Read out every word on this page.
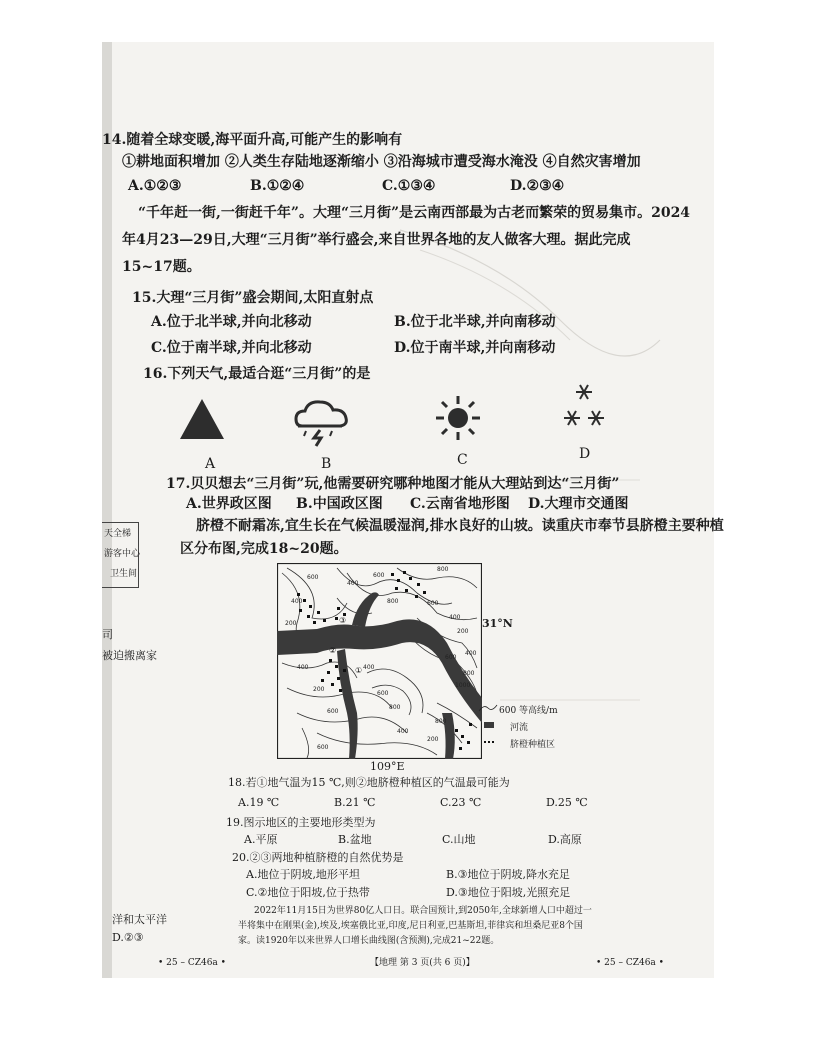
14.随着全球变暖,海平面升高,可能产生的影响有
①耕地面积增加 ②人类生存陆地逐渐缩小 ③沿海城市遭受海水淹没 ④自然灾害增加
A.①②③	B.①②④	C.①③④	D.②③④
“千年赶一街,一街赶千年”。大理“三月街”是云南西部最为古老而繁荣的贸易集市。2024
年4月23—29日,大理“三月街”举行盛会,来自世界各地的友人做客大理。据此完成
15~17题。
15.大理“三月街”盛会期间,太阳直射点
A.位于北半球,并向北移动	B.位于北半球,并向南移动
C.位于南半球,并向北移动	D.位于南半球,并向南移动
16.下列天气,最适合逛“三月街”的是
A	B	C	D
17.贝贝想去“三月街”玩,他需要研究哪种地图才能从大理站到达“三月街”
A.世界政区图 B.中国政区图 C.云南省地形图 D.大理市交通图
脐橙不耐霜冻,宜生长在气候温暖湿润,排水良好的山坡。读重庆市奉节县脐橙主要种植
区分布图,完成18~20题。
天全梯
游客中心
卫生间
司
被迫搬离家
洋和太平洋
D.②③
600
400
200
400
600
800
800
600
400
200
400
600
800
1000
400
200
400
600
800
600
200
400
600
800
①
②
③	31°N
109°E
600 等高线/m
河流
脐橙种植区
18.若①地气温为15 ℃,则②地脐橙种植区的气温最可能为
A.19 ℃	B.21 ℃	C.23 ℃	D.25 ℃
19.图示地区的主要地形类型为
A.平原	B.盆地	C.山地	D.高原
20.②③两地种植脐橙的自然优势是
A.地位于阴坡,地形平坦	B.③地位于阴坡,降水充足
C.②地位于阳坡,位于热带	D.③地位于阳坡,光照充足
2022年11月15日为世界80亿人口日。联合国预计,到2050年,全球新增人口中超过一
半将集中在刚果(金),埃及,埃塞俄比亚,印度,尼日利亚,巴基斯坦,菲律宾和坦桑尼亚8个国
家。读1920年以来世界人口增长曲线图(含预测),完成21~22题。
• 25 – CZ46a •	【地理 第 3 页(共 6 页)】	• 25 – CZ46a •
